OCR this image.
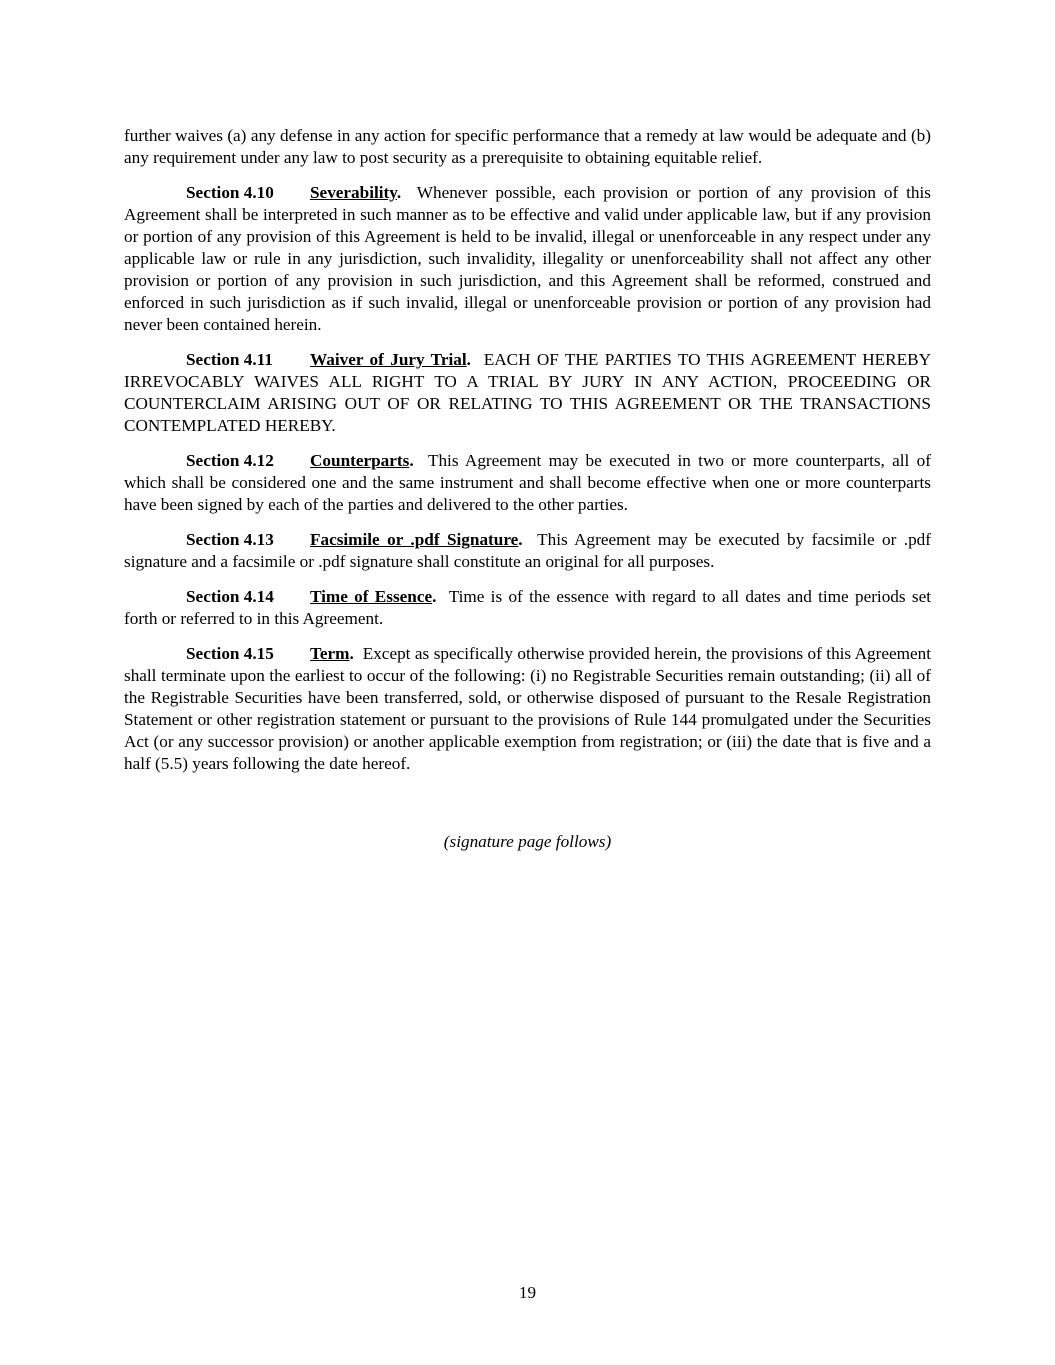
further waives (a) any defense in any action for specific performance that a remedy at law would be adequate and (b) any requirement under any law to post security as a prerequisite to obtaining equitable relief.

Section 4.10 Severability. Whenever possible, each provision or portion of any provision of this Agreement shall be interpreted in such manner as to be effective and valid under applicable law, but if any provision or portion of any provision of this Agreement is held to be invalid, illegal or unenforceable in any respect under any applicable law or rule in any jurisdiction, such invalidity, illegality or unenforceability shall not affect any other provision or portion of any provision in such jurisdiction, and this Agreement shall be reformed, construed and enforced in such jurisdiction as if such invalid, illegal or unenforceable provision or portion of any provision had never been contained herein.

Section 4.11 Waiver of Jury Trial. EACH OF THE PARTIES TO THIS AGREEMENT HEREBY IRREVOCABLY WAIVES ALL RIGHT TO A TRIAL BY JURY IN ANY ACTION, PROCEEDING OR COUNTERCLAIM ARISING OUT OF OR RELATING TO THIS AGREEMENT OR THE TRANSACTIONS CONTEMPLATED HEREBY.

Section 4.12 Counterparts. This Agreement may be executed in two or more counterparts, all of which shall be considered one and the same instrument and shall become effective when one or more counterparts have been signed by each of the parties and delivered to the other parties.

Section 4.13 Facsimile or .pdf Signature. This Agreement may be executed by facsimile or .pdf signature and a facsimile or .pdf signature shall constitute an original for all purposes.

Section 4.14 Time of Essence. Time is of the essence with regard to all dates and time periods set forth or referred to in this Agreement.

Section 4.15 Term. Except as specifically otherwise provided herein, the provisions of this Agreement shall terminate upon the earliest to occur of the following: (i) no Registrable Securities remain outstanding; (ii) all of the Registrable Securities have been transferred, sold, or otherwise disposed of pursuant to the Resale Registration Statement or other registration statement or pursuant to the provisions of Rule 144 promulgated under the Securities Act (or any successor provision) or another applicable exemption from registration; or (iii) the date that is five and a half (5.5) years following the date hereof.

(signature page follows)
19
